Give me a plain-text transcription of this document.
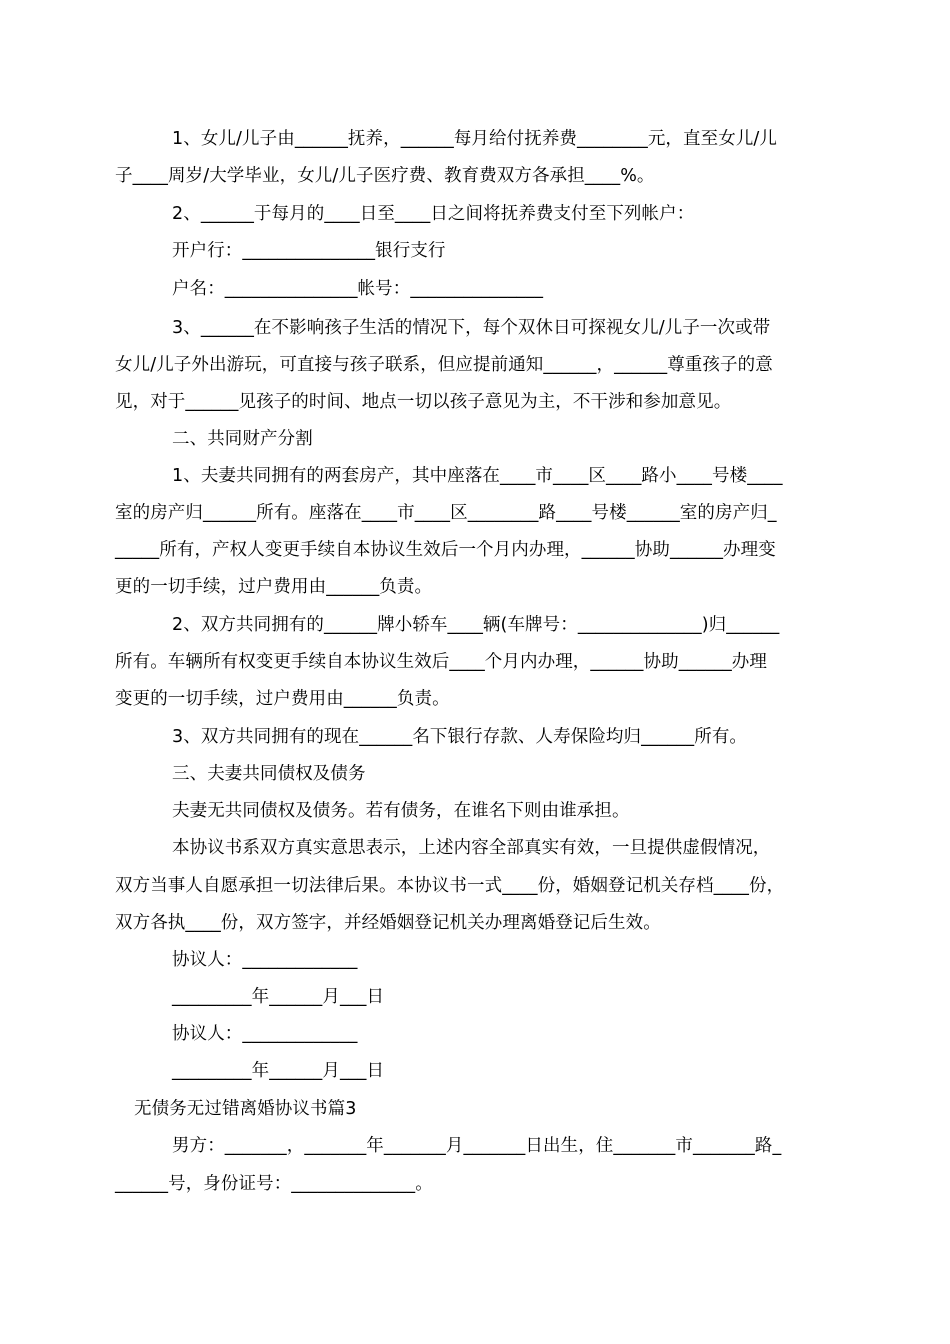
1、女儿/儿子由______抚养，______每月给付抚养费________元，直至女儿/儿
子____周岁/大学毕业，女儿/儿子医疗费、教育费双方各承担____%。
2、______于每月的____日至____日之间将抚养费支付至下列帐户：
开户行：_______________银行支行
户名：_______________帐号：_______________
3、______在不影响孩子生活的情况下，每个双休日可探视女儿/儿子一次或带
女儿/儿子外出游玩，可直接与孩子联系，但应提前通知______，______尊重孩子的意
见，对于______见孩子的时间、地点一切以孩子意见为主，不干涉和参加意见。
二、共同财产分割
1、夫妻共同拥有的两套房产，其中座落在____市____区____路小____号楼____
室的房产归______所有。座落在____市____区________路____号楼______室的房产归_
_____所有，产权人变更手续自本协议生效后一个月内办理，______协助______办理变
更的一切手续，过户费用由______负责。
2、双方共同拥有的______牌小轿车____辆(车牌号：______________)归______
所有。车辆所有权变更手续自本协议生效后____个月内办理，______协助______办理
变更的一切手续，过户费用由______负责。
3、双方共同拥有的现在______名下银行存款、人寿保险均归______所有。
三、夫妻共同债权及债务
夫妻无共同债权及债务。若有债务，在谁名下则由谁承担。
本协议书系双方真实意思表示，上述内容全部真实有效，一旦提供虚假情况，
双方当事人自愿承担一切法律后果。本协议书一式____份，婚姻登记机关存档____份，
双方各执____份，双方签字，并经婚姻登记机关办理离婚登记后生效。
协议人：_____________
_________年______月___日
协议人：_____________
_________年______月___日
无债务无过错离婚协议书篇3
男方：_______，_______年_______月_______日出生，住_______市_______路_
______号，身份证号：______________。
